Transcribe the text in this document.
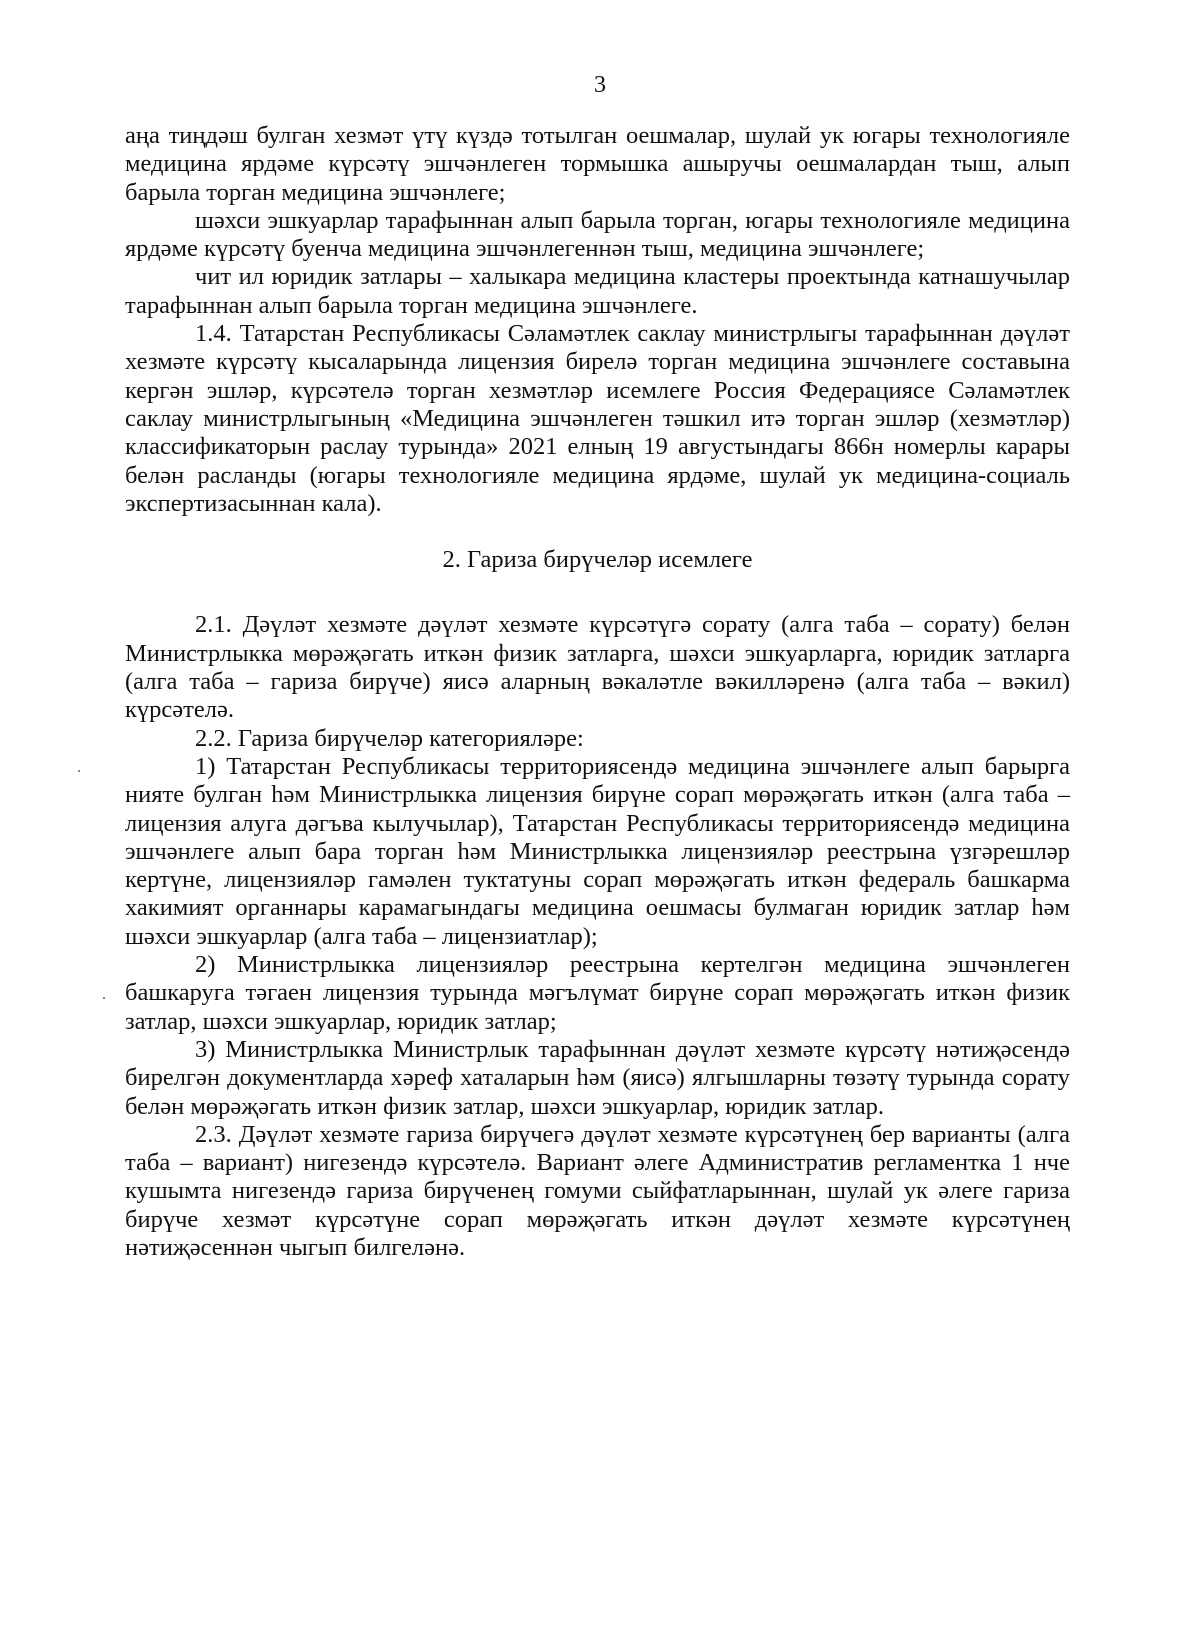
3

аңа тиңдәш булган хезмәт үтү күздә тотылган оешмалар, шулай ук югары технологияле медицина ярдәме күрсәтү эшчәнлеген тормышка ашыручы оешмалардан тыш, алып барыла торган медицина эшчәнлеге;

шәхси эшкуарлар тарафыннан алып барыла торган, югары технологияле медицина ярдәме күрсәтү буенча медицина эшчәнлегеннән тыш, медицина эшчәнлеге;

чит ил юридик затлары – халыкара медицина кластеры проектында катнашучылар тарафыннан алып барыла торган медицина эшчәнлеге.

1.4. Татарстан Республикасы Сәламәтлек саклау министрлыгы тарафыннан дәүләт хезмәте күрсәтү кысаларында лицензия бирелә торган медицина эшчәнлеге составына кергән эшләр, күрсәтелә торган хезмәтләр исемлеге Россия Федерациясе Сәламәтлек саклау министрлыгының «Медицина эшчәнлеген тәшкил итә торган эшләр (хезмәтләр) классификаторын раслау турында» 2021 елның 19 августындагы 866н номерлы карары белән расланды (югары технологияле медицина ярдәме, шулай ук медицина-социаль экспертизасыннан кала).

2. Гариза бирүчеләр исемлеге

2.1. Дәүләт хезмәте дәүләт хезмәте күрсәтүгә сорату (алга таба – сорату) белән Министрлыкка мөрәҗәгать иткән физик затларга, шәхси эшкуарларга, юридик затларга (алга таба – гариза бирүче) яисә аларның вәкаләтле вәкилләренә (алга таба – вәкил) күрсәтелә.

2.2. Гариза бирүчеләр категорияләре:

1) Татарстан Республикасы территориясендә медицина эшчәнлеге алып барырга нияте булган һәм Министрлыкка лицензия бирүне сорап мөрәҗәгать иткән (алга таба – лицензия алуга дәгъва кылучылар), Татарстан Республикасы территориясендә медицина эшчәнлеге алып бара торган һәм Министрлыкка лицензияләр реестрына үзгәрешләр кертүне, лицензияләр гамәлен туктатуны сорап мөрәҗәгать иткән федераль башкарма хакимият органнары карамагындагы медицина оешмасы булмаган юридик затлар һәм шәхси эшкуарлар (алга таба – лицензиатлар);

2) Министрлыкка лицензияләр реестрына кертелгән медицина эшчәнлеген башкаруга тәгаен лицензия турында мәгълүмат бирүне сорап мөрәҗәгать иткән физик затлар, шәхси эшкуарлар, юридик затлар;

3) Министрлыкка Министрлык тарафыннан дәүләт хезмәте күрсәтү нәтиҗәсендә бирелгән документларда хәреф хаталарын һәм (яисә) ялгышларны төзәтү турында сорату белән мөрәҗәгать иткән физик затлар, шәхси эшкуарлар, юридик затлар.

2.3. Дәүләт хезмәте гариза бирүчегә дәүләт хезмәте күрсәтүнең бер варианты (алга таба – вариант) нигезендә күрсәтелә. Вариант әлеге Административ регламентка 1 нче кушымта нигезендә гариза бирүченең гомуми сыйфатларыннан, шулай ук әлеге гариза бирүче хезмәт күрсәтүне сорап мөрәҗәгать иткән дәүләт хезмәте күрсәтүнең нәтиҗәсеннән чыгып билгеләнә.
